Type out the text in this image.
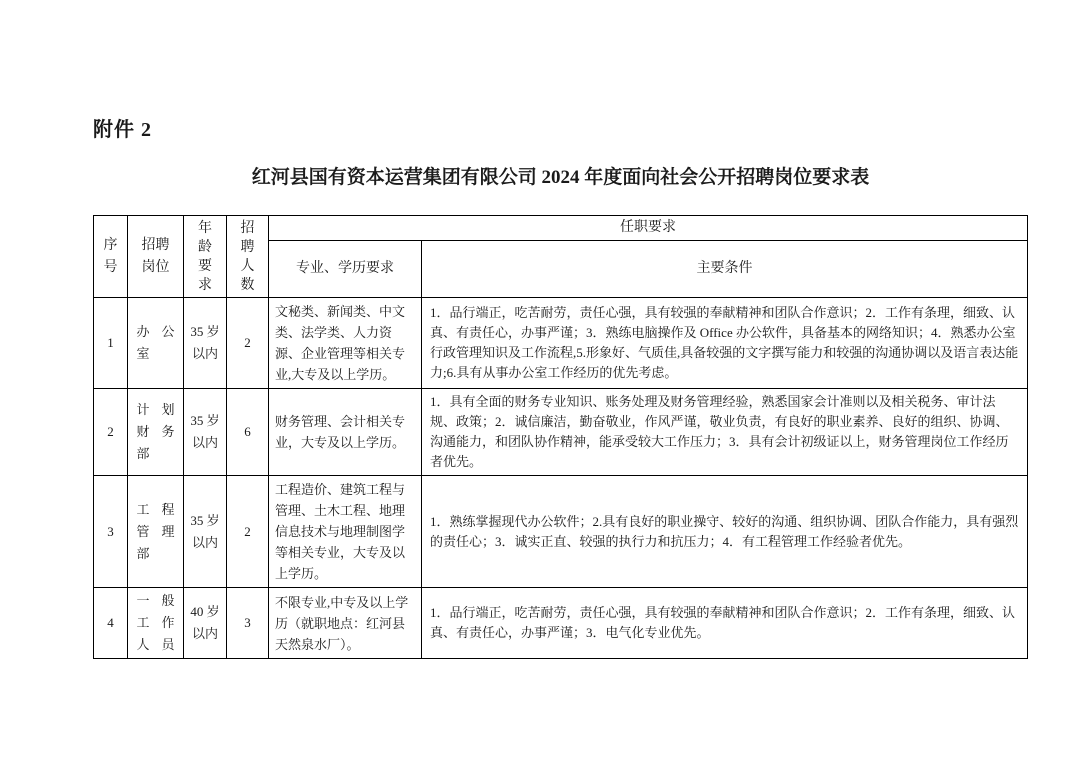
附件 2
红河县国有资本运营集团有限公司 2024 年度面向社会公开招聘岗位要求表
序号	招聘岗位	年龄要求	招聘人数	任职要求	
				专业、学历要求	主要条件
1	办公室	35 岁以内	2	文秘类、新闻类、中文类、法学类、人力资源、企业管理等相关专业,大专及以上学历。	1．品行端正，吃苦耐劳，责任心强，具有较强的奉献精神和团队合作意识；2．工作有条理，细致、认真、有责任心，办事严谨；3．熟练电脑操作及 Office 办公软件，具备基本的网络知识；4．熟悉办公室行政管理知识及工作流程,5.形象好、气质佳,具备较强的文字撰写能力和较强的沟通协调以及语言表达能力;6.具有从事办公室工作经历的优先考虑。
2	计划财务部	35 岁以内	6	财务管理、会计相关专业，大专及以上学历。	1．具有全面的财务专业知识、账务处理及财务管理经验，熟悉国家会计准则以及相关税务、审计法规、政策；2．诚信廉洁，勤奋敬业，作风严谨，敬业负责，有良好的职业素养、良好的组织、协调、沟通能力，和团队协作精神，能承受较大工作压力；3．具有会计初级证以上，财务管理岗位工作经历者优先。
3	工程管理部	35 岁以内	2	工程造价、建筑工程与管理、土木工程、地理信息技术与地理制图学等相关专业，大专及以上学历。	1．熟练掌握现代办公软件；2.具有良好的职业操守、较好的沟通、组织协调、团队合作能力，具有强烈的责任心；3．诚实正直、较强的执行力和抗压力；4．有工程管理工作经验者优先。
4	一般工作人员	40 岁以内	3	不限专业,中专及以上学历（就职地点：红河县天然泉水厂）。	1．品行端正，吃苦耐劳，责任心强，具有较强的奉献精神和团队合作意识；2．工作有条理，细致、认真、有责任心，办事严谨；3．电气化专业优先。
